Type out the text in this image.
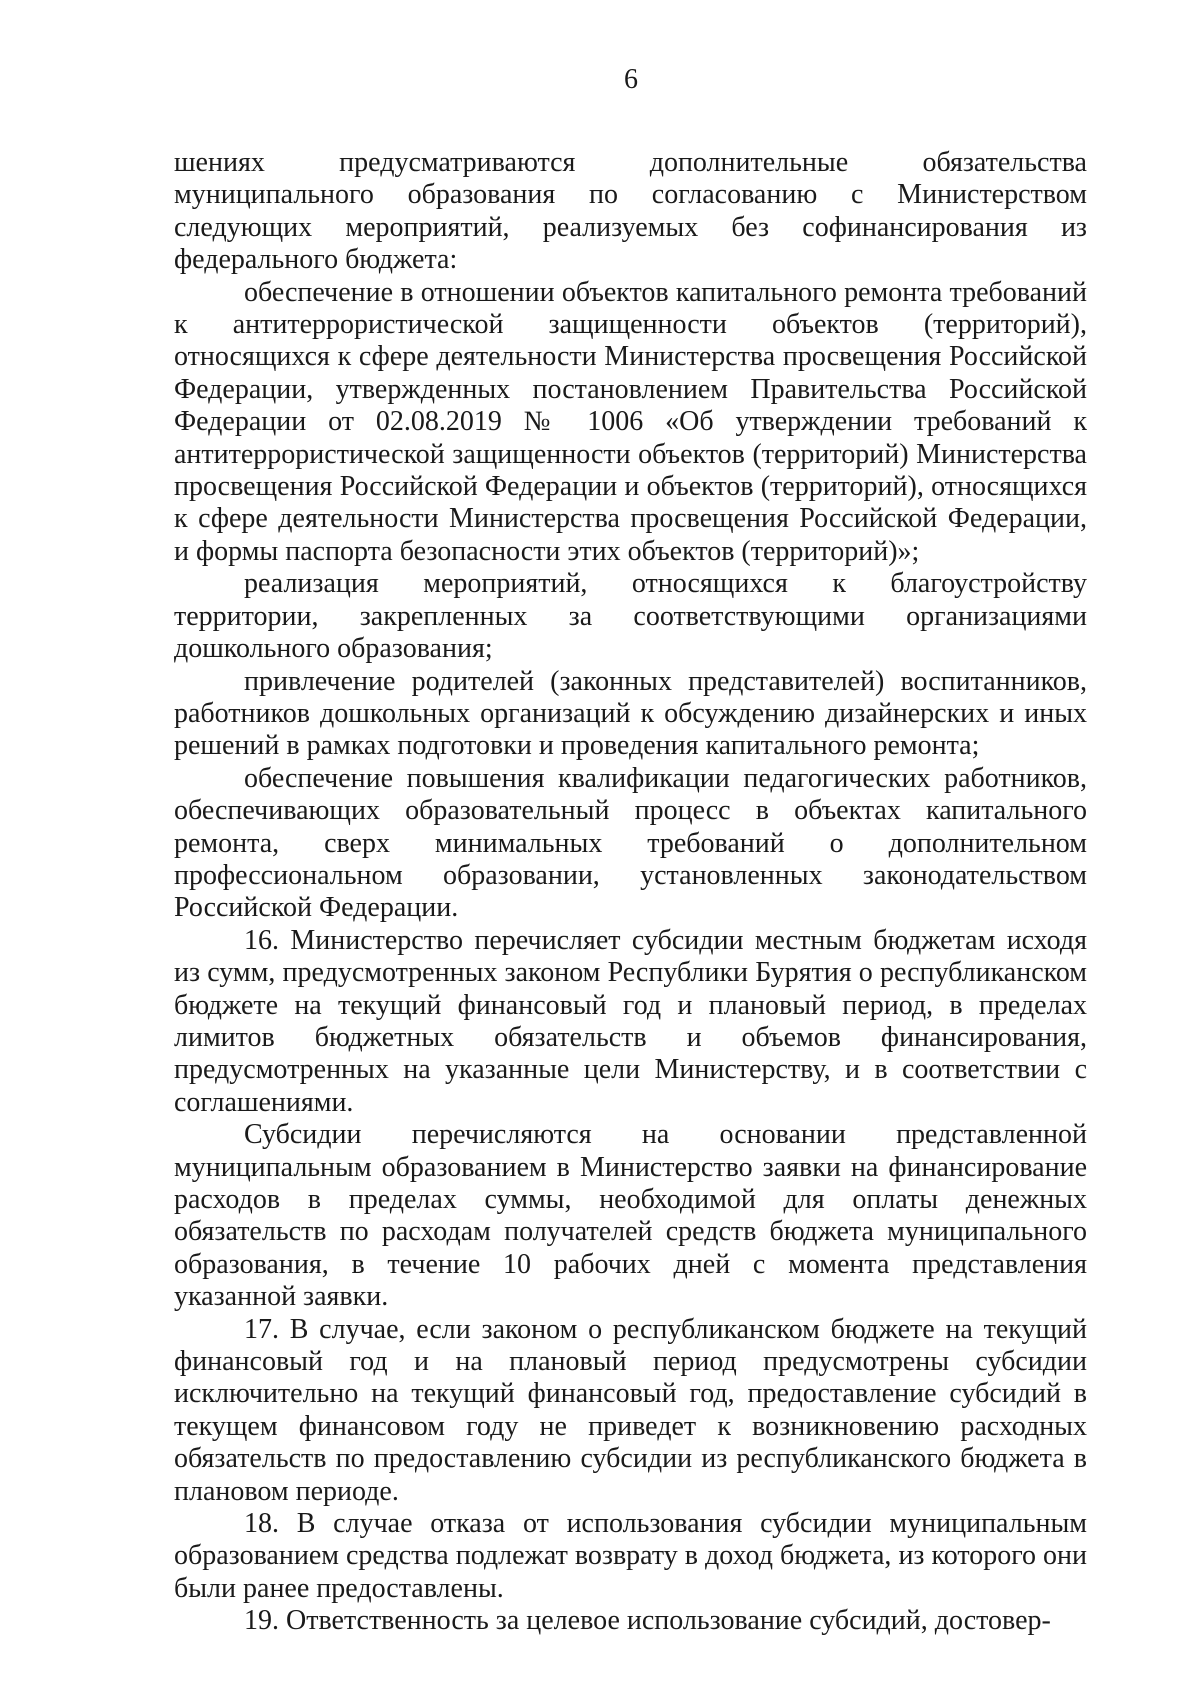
6

шениях предусматриваются дополнительные обязательства муниципального образования по согласованию с Министерством следующих мероприятий, реализуемых без софинансирования из федерального бюджета:

обеспечение в отношении объектов капитального ремонта требований к антитеррористической защищенности объектов (территорий), относящихся к сфере деятельности Министерства просвещения Российской Федерации, утвержденных постановлением Правительства Российской Федерации от 02.08.2019 № 1006 «Об утверждении требований к антитеррористической защищенности объектов (территорий) Министерства просвещения Российской Федерации и объектов (территорий), относящихся к сфере деятельности Министерства просвещения Российской Федерации, и формы паспорта безопасности этих объектов (территорий)»;

реализация мероприятий, относящихся к благоустройству территории, закрепленных за соответствующими организациями дошкольного образования;

привлечение родителей (законных представителей) воспитанников, работников дошкольных организаций к обсуждению дизайнерских и иных решений в рамках подготовки и проведения капитального ремонта;

обеспечение повышения квалификации педагогических работников, обеспечивающих образовательный процесс в объектах капитального ремонта, сверх минимальных требований о дополнительном профессиональном образовании, установленных законодательством Российской Федерации.

16. Министерство перечисляет субсидии местным бюджетам исходя из сумм, предусмотренных законом Республики Бурятия о республиканском бюджете на текущий финансовый год и плановый период, в пределах лимитов бюджетных обязательств и объемов финансирования, предусмотренных на указанные цели Министерству, и в соответствии с соглашениями.

Субсидии перечисляются на основании представленной муниципальным образованием в Министерство заявки на финансирование расходов в пределах суммы, необходимой для оплаты денежных обязательств по расходам получателей средств бюджета муниципального образования, в течение 10 рабочих дней с момента представления указанной заявки.

17. В случае, если законом о республиканском бюджете на текущий финансовый год и на плановый период предусмотрены субсидии исключительно на текущий финансовый год, предоставление субсидий в текущем финансовом году не приведет к возникновению расходных обязательств по предоставлению субсидии из республиканского бюджета в плановом периоде.

18. В случае отказа от использования субсидии муниципальным образованием средства подлежат возврату в доход бюджета, из которого они были ранее предоставлены.

19. Ответственность за целевое использование субсидий, достовер-
